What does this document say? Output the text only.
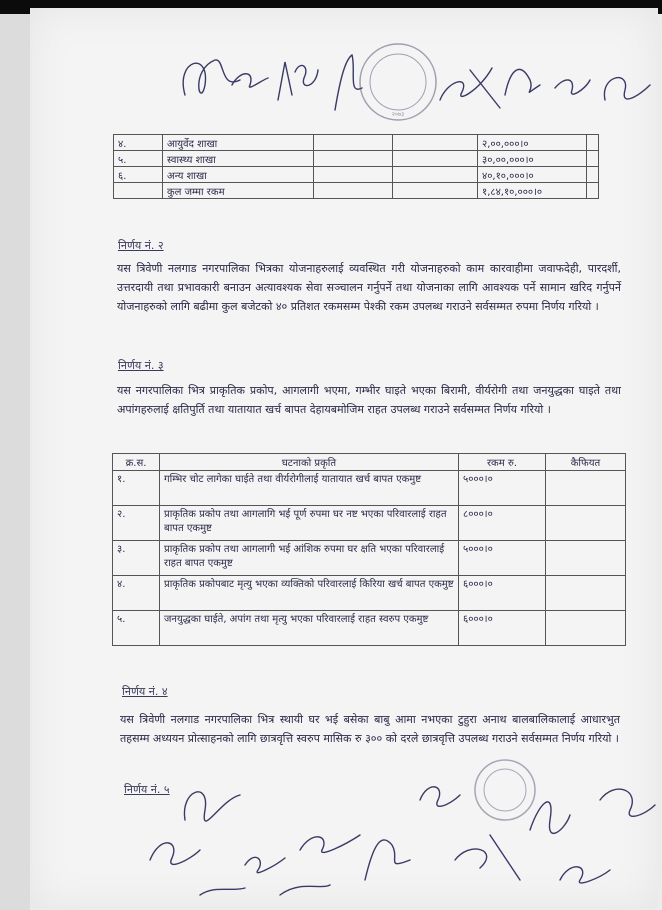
४.	आयुर्वेद शाखा			२,००,०००।०	
५.	स्वास्थ्य शाखा			३०,००,०००।०	
६.	अन्य शाखा			४०,१०,०००।०	
	कुल जम्मा रकम			१,८४,१०,०००।०	
निर्णय नं. २
यस त्रिवेणी नलगाड नगरपालिका भित्रका योजनाहरुलाई व्यवस्थित गरी योजनाहरुको काम कारवाहीमा जवाफदेही, पारदर्शी, उत्तरदायी तथा प्रभावकारी बनाउन अत्यावश्यक सेवा सञ्चालन गर्नुपर्ने तथा योजनाका लागि आवश्यक पर्ने सामान खरिद गर्नुपर्ने योजनाहरुको लागि बढीमा कुल बजेटको ४० प्रतिशत रकमसम्म पेश्की रकम उपलब्ध गराउने सर्वसम्मत रुपमा निर्णय गरियो ।
निर्णय नं. ३
यस नगरपालिका भित्र प्राकृतिक प्रकोप, आगलागी भएमा, गम्भीर घाइते भएका बिरामी, वीर्यरोगी तथा जनयुद्धका घाइते तथा अपांगहरुलाई क्षतिपुर्ति तथा यातायात खर्च बापत देहायबमोजिम राहत उपलब्ध गराउने सर्वसम्मत निर्णय गरियो ।
क्र.स.	घटनाको प्रकृति	रकम रु.	कैफियत
१.	गम्भिर चोट लागेका घाईते तथा वीर्यरोगीलाई यातायात खर्च बापत एकमुष्ट	५०००।०	
२.	प्राकृतिक प्रकोप तथा आगलागि भई पूर्ण रुपमा घर नष्ट भएका परिवारलाई राहत बापत एकमुष्ट	८०००।०	
३.	प्राकृतिक प्रकोप तथा आगलागी भई आंशिक रुपमा घर क्षति भएका परिवारलाई राहत बापत एकमुष्ट	५०००।०	
४.	प्राकृतिक प्रकोपबाट मृत्यु भएका व्यक्तिको परिवारलाई किरिया खर्च बापत एकमुष्ट	६०००।०	
५.	जनयुद्धका घाईते, अपांग तथा मृत्यु भएका परिवारलाई राहत स्वरुप एकमुष्ट	६०००।०	
निर्णय नं. ४
यस त्रिवेणी नलगाड नगरपालिका भित्र स्थायी घर भई बसेका बाबु आमा नभएका टुहुरा अनाथ बालबालिकालाई आधारभुत तहसम्म अध्ययन प्रोत्साहनको लागि छात्रवृत्ति स्वरुप मासिक रु ३०० को दरले छात्रवृत्ति उपलब्ध गराउने सर्वसम्मत निर्णय गरियो ।
निर्णय नं. ५
२०७३
